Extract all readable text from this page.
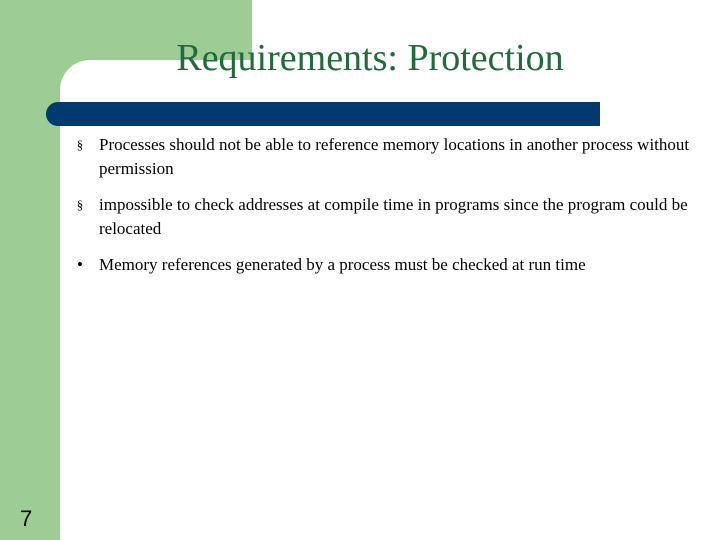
Requirements: Protection
§ Processes should not be able to reference memory locations in another process without permission
§ impossible to check addresses at compile time in programs since the program could be relocated
• Memory references generated by a process must be checked at run time
7
